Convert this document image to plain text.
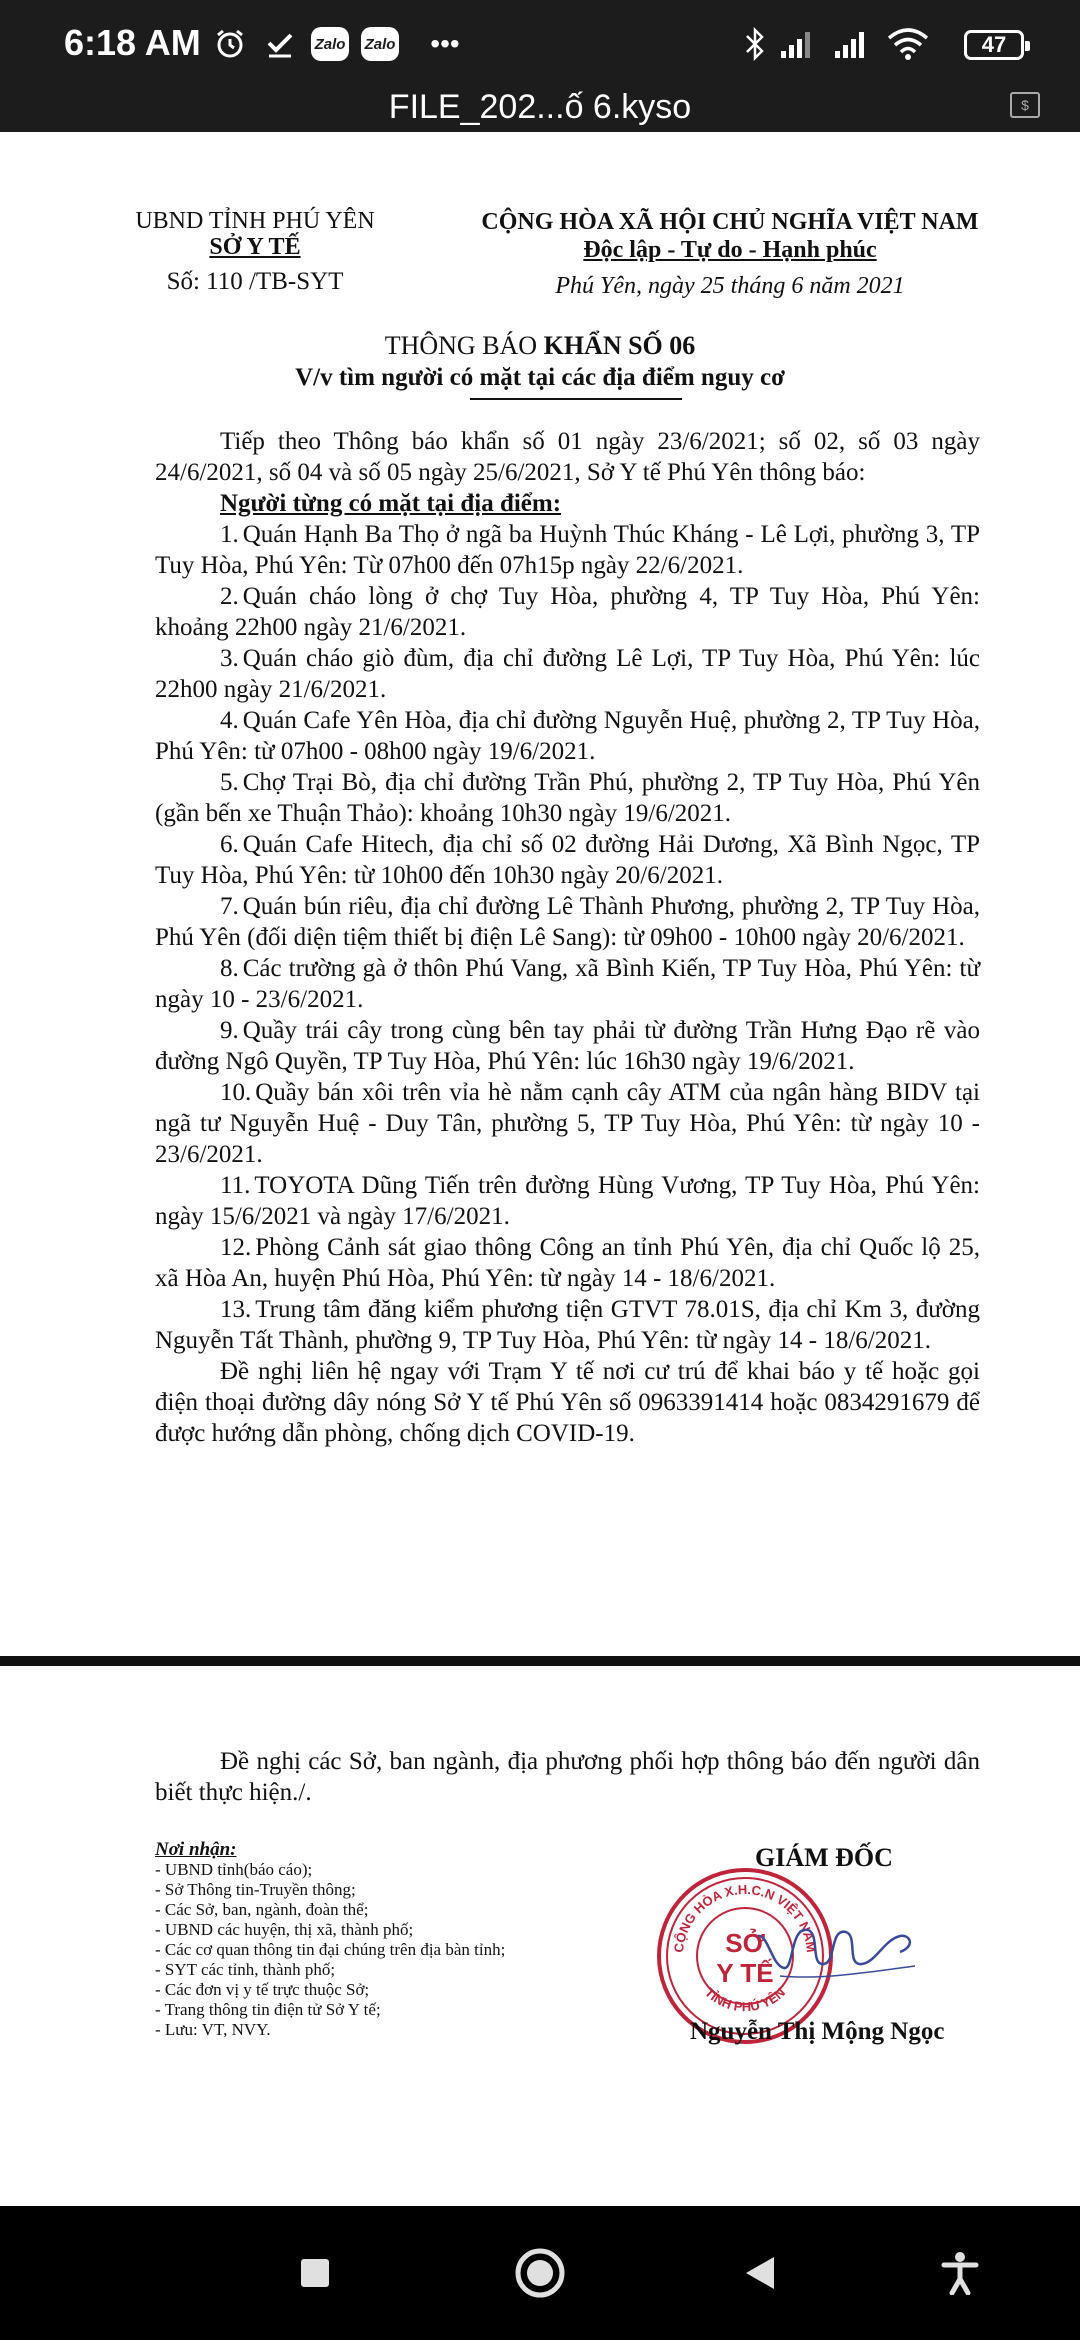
6:18 AM	Zalo Zalo	•••	47
FILE_202...ố 6.kyso	$
UBND TỈNH PHÚ YÊN
SỞ Y TẾ
Số: 110 /TB-SYT
CỘNG HÒA XÃ HỘI CHỦ NGHĨA VIỆT NAM
Độc lập - Tự do - Hạnh phúc
Phú Yên, ngày 25 tháng 6 năm 2021
THÔNG BÁO KHẨN SỐ 06
V/v tìm người có mặt tại các địa điểm nguy cơ

Tiếp theo Thông báo khẩn số 01 ngày 23/6/2021; số 02, số 03 ngày 24/6/2021, số 04 và số 05 ngày 25/6/2021, Sở Y tế Phú Yên thông báo:

Người từng có mặt tại địa điểm:

1. Quán Hạnh Ba Thọ ở ngã ba Huỳnh Thúc Kháng - Lê Lợi, phường 3, TP Tuy Hòa, Phú Yên: Từ 07h00 đến 07h15p ngày 22/6/2021.

2. Quán cháo lòng ở chợ Tuy Hòa, phường 4, TP Tuy Hòa, Phú Yên: khoảng 22h00 ngày 21/6/2021.

3. Quán cháo giò đùm, địa chỉ đường Lê Lợi, TP Tuy Hòa, Phú Yên: lúc 22h00 ngày 21/6/2021.

4. Quán Cafe Yên Hòa, địa chỉ đường Nguyễn Huệ, phường 2, TP Tuy Hòa, Phú Yên: từ 07h00 - 08h00 ngày 19/6/2021.

5. Chợ Trại Bò, địa chỉ đường Trần Phú, phường 2, TP Tuy Hòa, Phú Yên (gần bến xe Thuận Thảo): khoảng 10h30 ngày 19/6/2021.

6. Quán Cafe Hitech, địa chỉ số 02 đường Hải Dương, Xã Bình Ngọc, TP Tuy Hòa, Phú Yên: từ 10h00 đến 10h30 ngày 20/6/2021.

7. Quán bún riêu, địa chỉ đường Lê Thành Phương, phường 2, TP Tuy Hòa, Phú Yên (đối diện tiệm thiết bị điện Lê Sang): từ 09h00 - 10h00 ngày 20/6/2021.

8. Các trường gà ở thôn Phú Vang, xã Bình Kiến, TP Tuy Hòa, Phú Yên: từ ngày 10 - 23/6/2021.

9. Quầy trái cây trong cùng bên tay phải từ đường Trần Hưng Đạo rẽ vào đường Ngô Quyền, TP Tuy Hòa, Phú Yên: lúc 16h30 ngày 19/6/2021.

10. Quầy bán xôi trên vỉa hè nằm cạnh cây ATM của ngân hàng BIDV tại ngã tư Nguyễn Huệ - Duy Tân, phường 5, TP Tuy Hòa, Phú Yên: từ ngày 10 - 23/6/2021.

11. TOYOTA Dũng Tiến trên đường Hùng Vương, TP Tuy Hòa, Phú Yên: ngày 15/6/2021 và ngày 17/6/2021.

12. Phòng Cảnh sát giao thông Công an tỉnh Phú Yên, địa chỉ Quốc lộ 25, xã Hòa An, huyện Phú Hòa, Phú Yên: từ ngày 14 - 18/6/2021.

13. Trung tâm đăng kiểm phương tiện GTVT 78.01S, địa chỉ Km 3, đường Nguyễn Tất Thành, phường 9, TP Tuy Hòa, Phú Yên: từ ngày 14 - 18/6/2021.

Đề nghị liên hệ ngay với Trạm Y tế nơi cư trú để khai báo y tế hoặc gọi điện thoại đường dây nóng Sở Y tế Phú Yên số 0963391414 hoặc 0834291679 để được hướng dẫn phòng, chống dịch COVID-19.

Đề nghị các Sở, ban ngành, địa phương phối hợp thông báo đến người dân biết thực hiện./.

Nơi nhận:
- UBND tỉnh(báo cáo);
- Sở Thông tin-Truyền thông;
- Các Sở, ban, ngành, đoàn thể;
- UBND các huyện, thị xã, thành phố;
- Các cơ quan thông tin đại chúng trên địa bàn tỉnh;
- SYT các tỉnh, thành phố;
- Các đơn vị y tế trực thuộc Sở;
- Trang thông tin điện tử Sở Y tế;
- Lưu: VT, NVY.
GIÁM ĐỐC
CỘNG HÒA X.H.C.N VIỆT NAM
TỈNH PHÚ YÊN
SỞ
Y TẾ
Nguyễn Thị Mộng Ngọc
